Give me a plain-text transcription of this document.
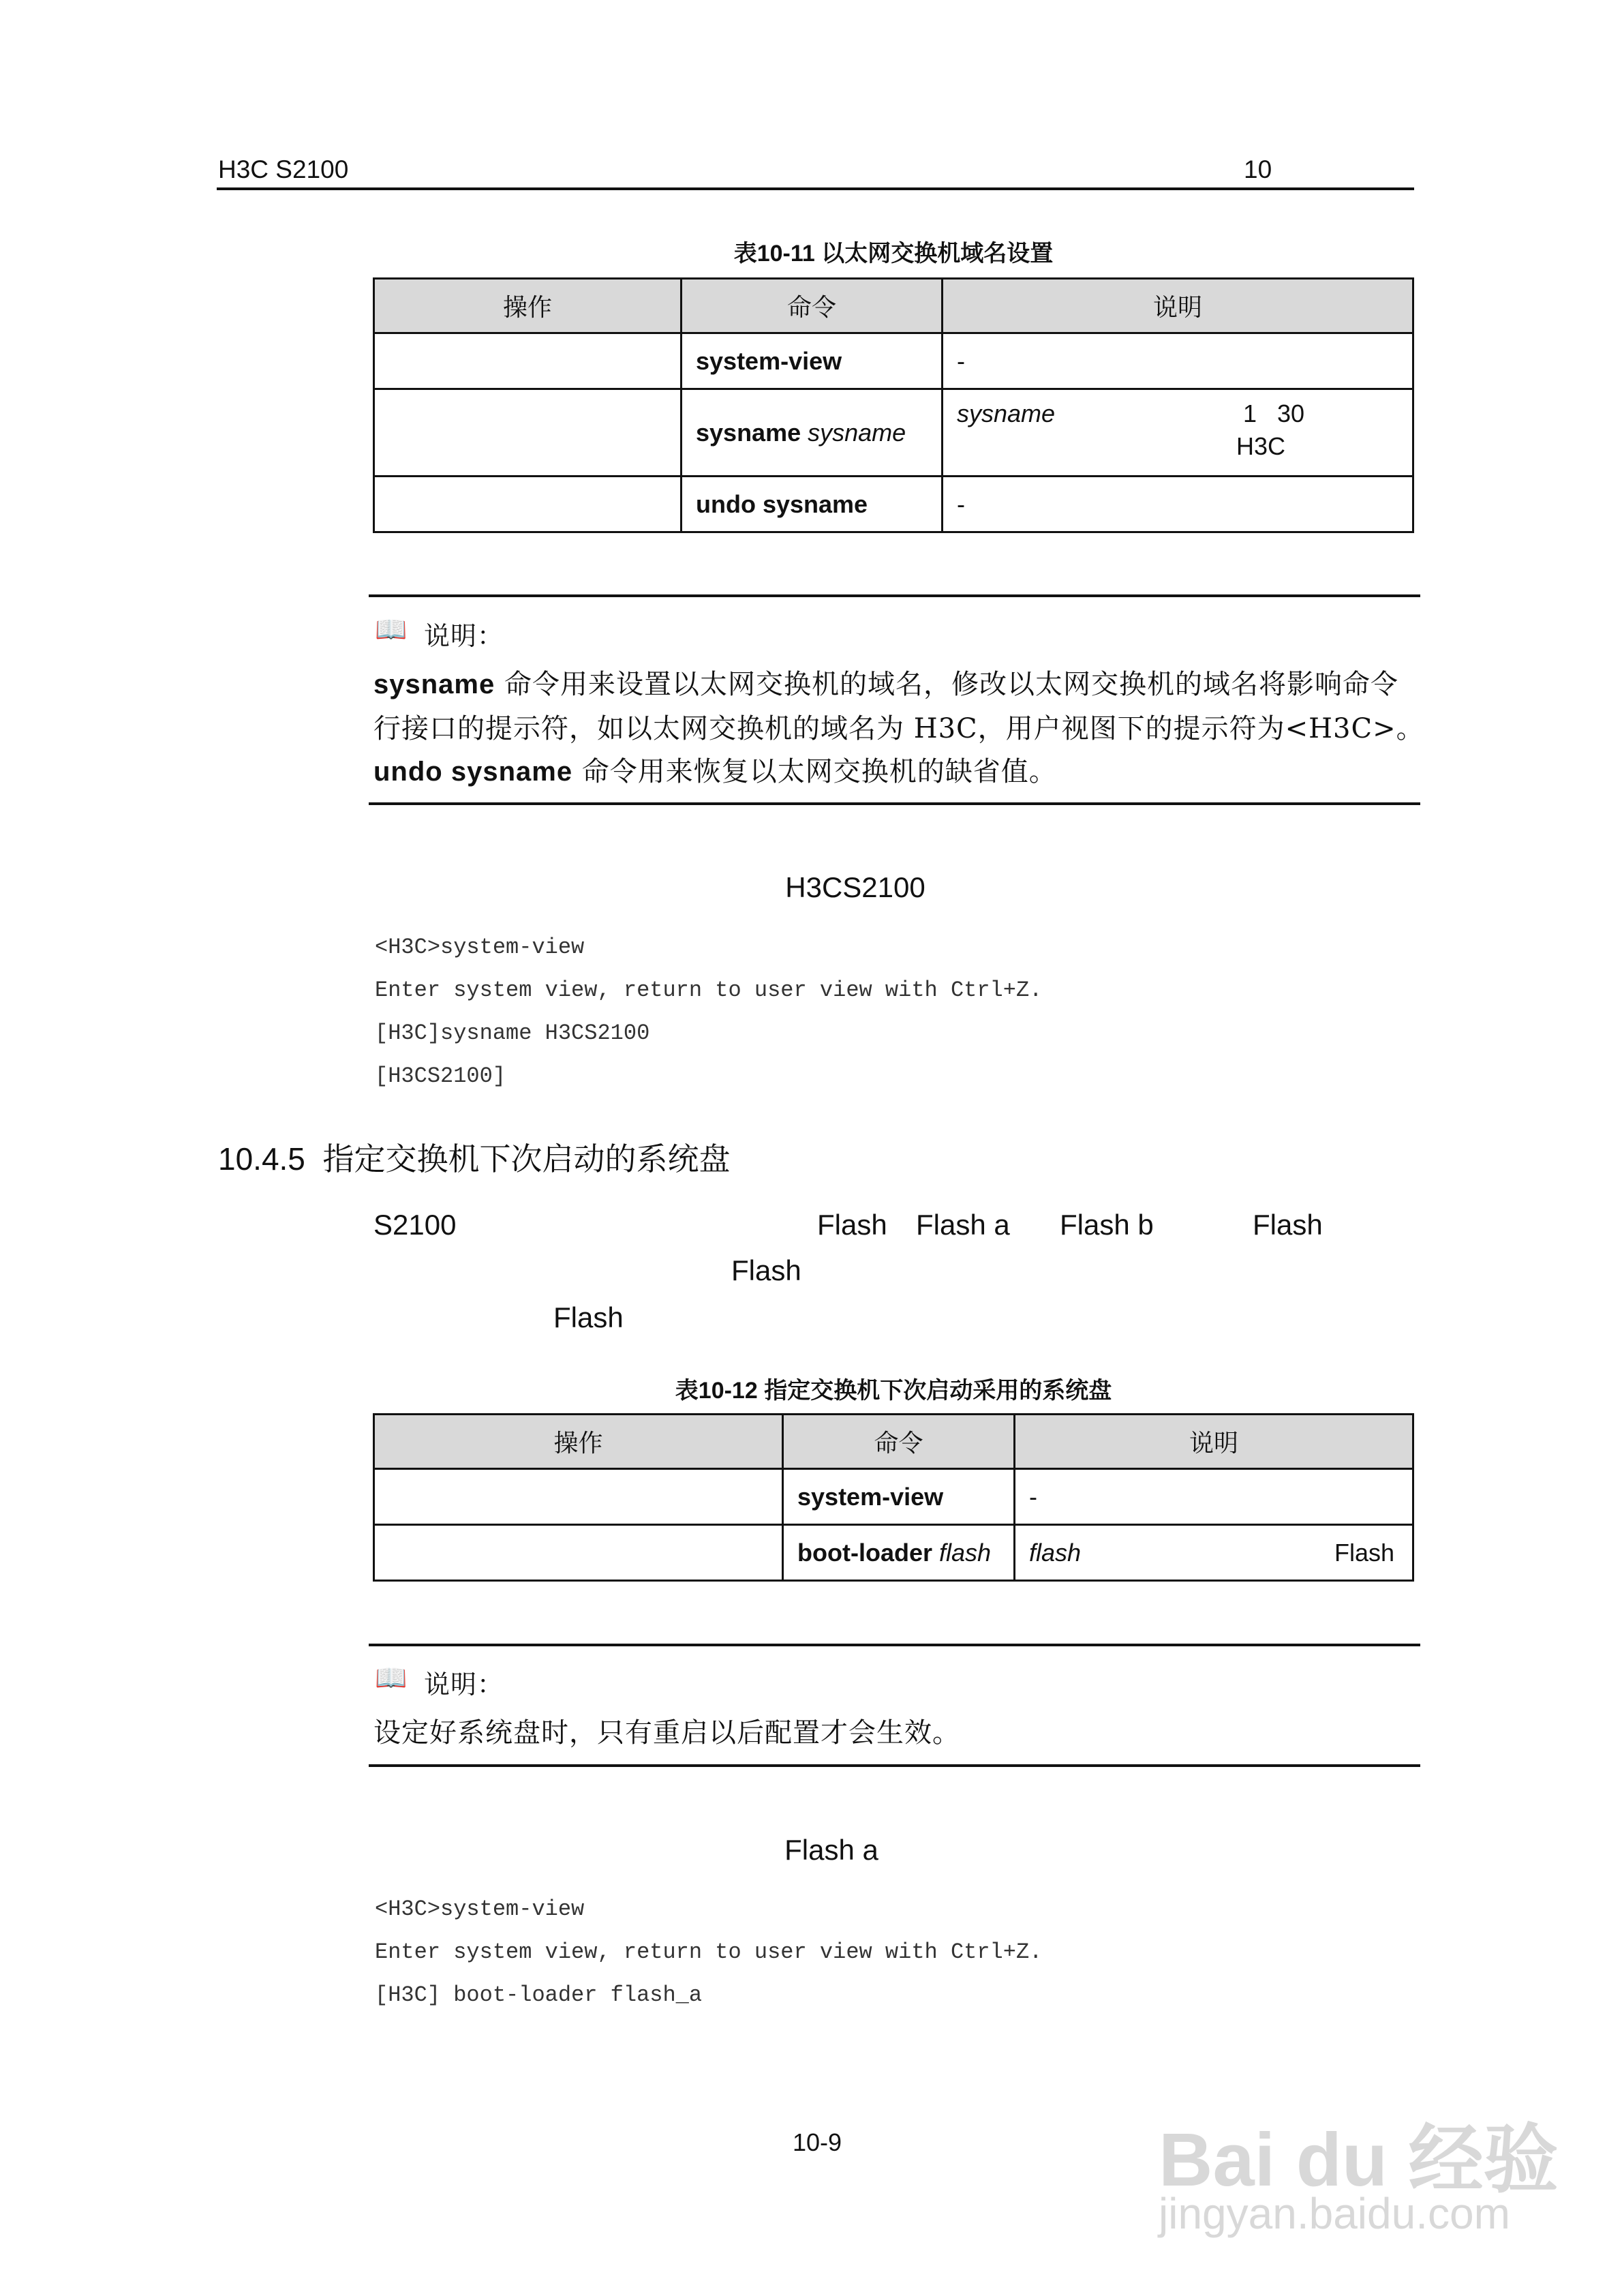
H3C S2100	10
表10-11 以太网交换机域名设置
操作	命令	说明
	system-view	-
	sysname sysname	sysname 1   30
H3C

	undo sysname	-
📖 说明：
sysname 命令用来设置以太网交换机的域名，修改以太网交换机的域名将影响命令
行接口的提示符，如以太网交换机的域名为 H3C，用户视图下的提示符为<H3C>。
undo sysname 命令用来恢复以太网交换机的缺省值。
H3CS2100
<H3C>system-view
Enter system view, return to user view with Ctrl+Z.
[H3C]sysname H3CS2100
[H3CS2100]
10.4.5 指定交换机下次启动的系统盘
S2100	Flash Flash a Flash b	Flash
Flash
Flash
表10-12 指定交换机下次启动采用的系统盘
操作	命令	说明
	system-view	-
	boot-loader flash	flash Flash
📖 说明：
设定好系统盘时，只有重启以后配置才会生效。
Flash a
<H3C>system-view
Enter system view, return to user view with Ctrl+Z.
[H3C] boot-loader flash_a
10-9	Bai du 经验
jingyan.baidu.com
